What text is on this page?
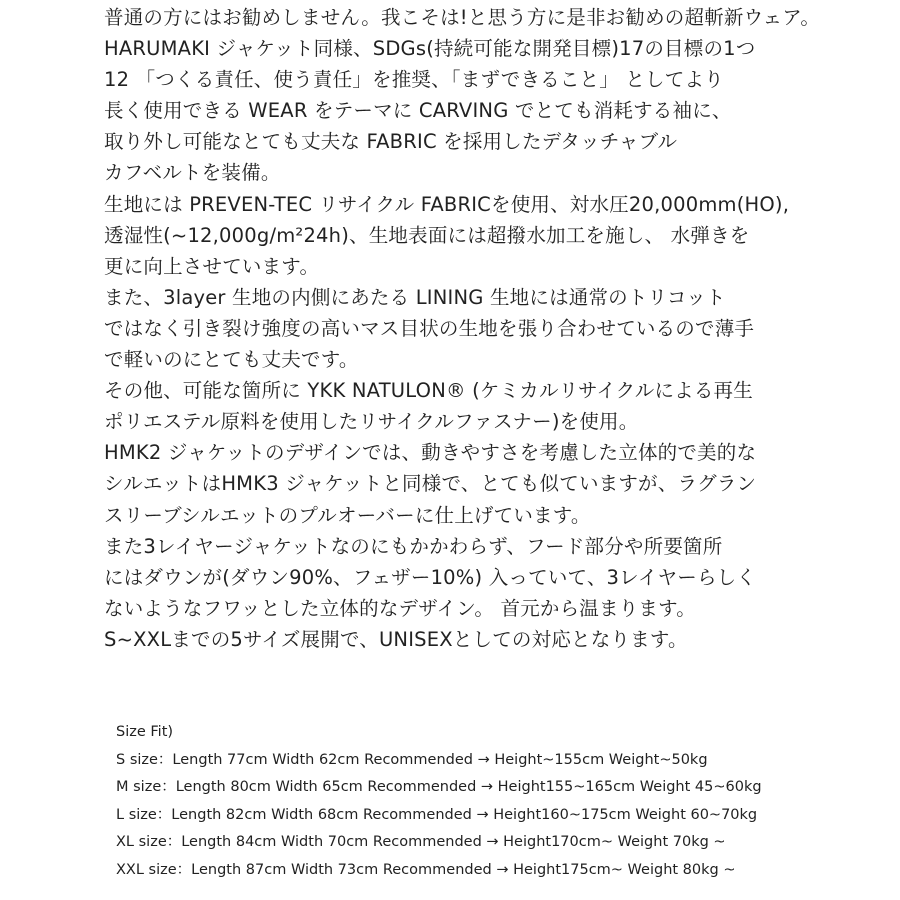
普通の方にはお勧めしません。我こそは!と思う方に是非お勧めの超斬新ウェア。
HARUMAKI ジャケット同様、SDGs(持続可能な開発目標)17の目標の1つ
12 「つくる責任、使う責任」を推奨、「まずできること」 としてより
長く使用できる WEAR をテーマに CARVING でとても消耗する袖に、
取り外し可能なとても丈夫な FABRIC を採用したデタッチャブル
カフベルトを装備。
生地には PREVEN-TEC リサイクル FABRICを使用、対水圧20,000mm(HO),
透湿性(~12,000g/m²24h)、生地表面には超撥水加工を施し、 水弾きを
更に向上させています。
また、3layer 生地の内側にあたる LINING 生地には通常のトリコット
ではなく引き裂け強度の高いマス目状の生地を張り合わせているので薄手
で軽いのにとても丈夫です。
その他、可能な箇所に YKK NATULON® (ケミカルリサイクルによる再生
ポリエステル原料を使用したリサイクルファスナー)を使用。
HMK2 ジャケットのデザインでは、動きやすさを考慮した立体的で美的な
シルエットはHMK3 ジャケットと同様で、とても似ていますが、ラグラン
スリーブシルエットのプルオーバーに仕上げています。
また3レイヤージャケットなのにもかかわらず、フード部分や所要箇所
にはダウンが(ダウン90%、フェザー10%) 入っていて、3レイヤーらしく
ないようなフワッとした立体的なデザイン。 首元から温まります。
S~XXLまでの5サイズ展開で、UNISEXとしての対応となります。
Size Fit)
S size：Length 77cm Width 62cm Recommended → Height~155cm Weight~50kg
M size：Length 80cm Width 65cm Recommended → Height155~165cm Weight 45~60kg
L size：Length 82cm Width 68cm Recommended → Height160~175cm Weight 60~70kg
XL size：Length 84cm Width 70cm Recommended → Height170cm~ Weight 70kg ~
XXL size：Length 87cm Width 73cm Recommended → Height175cm~ Weight 80kg ~
